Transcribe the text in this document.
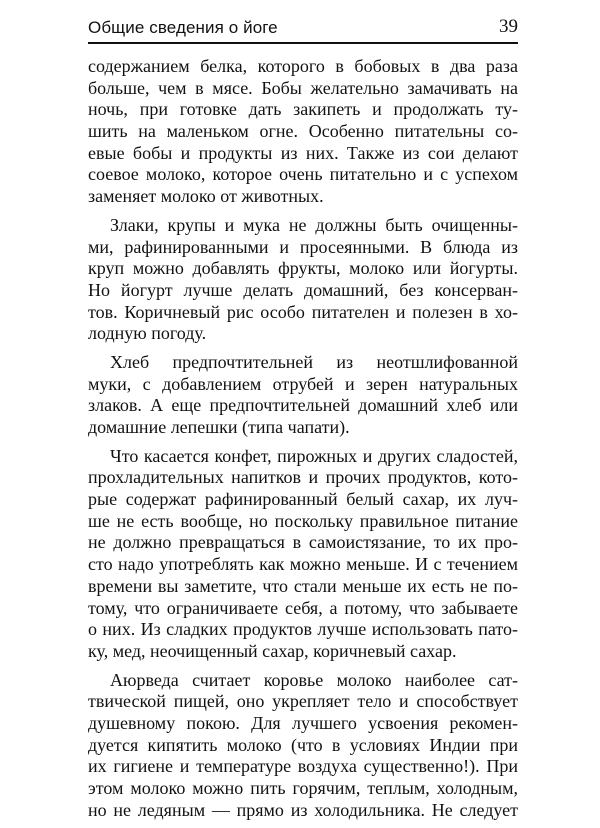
Общие сведения о йоге	39

содержанием белка, которого в бобовых в два раза
больше, чем в мясе. Бобы желательно замачивать на
ночь, при готовке дать закипеть и продолжать ту-
шить на маленьком огне. Особенно питательны со-
евые бобы и продукты из них. Также из сои делают
соевое молоко, которое очень питательно и с успехом
заменяет молоко от животных.

Злаки, крупы и мука не должны быть очищенны-
ми, рафинированными и просеянными. В блюда из
круп можно добавлять фрукты, молоко или йогурты.
Но йогурт лучше делать домашний, без консерван-
тов. Коричневый рис особо питателен и полезен в хо-
лодную погоду.

Хлеб предпочтительней из неотшлифованной
муки, с добавлением отрубей и зерен натуральных
злаков. А еще предпочтительней домашний хлеб или
домашние лепешки (типа чапати).

Что касается конфет, пирожных и других сладостей,
прохладительных напитков и прочих продуктов, кото-
рые содержат рафинированный белый сахар, их луч-
ше не есть вообще, но поскольку правильное питание
не должно превращаться в самоистязание, то их про-
сто надо употреблять как можно меньше. И с течением
времени вы заметите, что стали меньше их есть не по-
тому, что ограничиваете себя, а потому, что забываете
о них. Из сладких продуктов лучше использовать пато-
ку, мед, неочищенный сахар, коричневый сахар.

Аюрведа считает коровье молоко наиболее сат-
твической пищей, оно укрепляет тело и способствует
душевному покою. Для лучшего усвоения рекомен-
дуется кипятить молоко (что в условиях Индии при
их гигиене и температуре воздуха существенно!). При
этом молоко можно пить горячим, теплым, холодным,
но не ледяным — прямо из холодильника. Не следует
